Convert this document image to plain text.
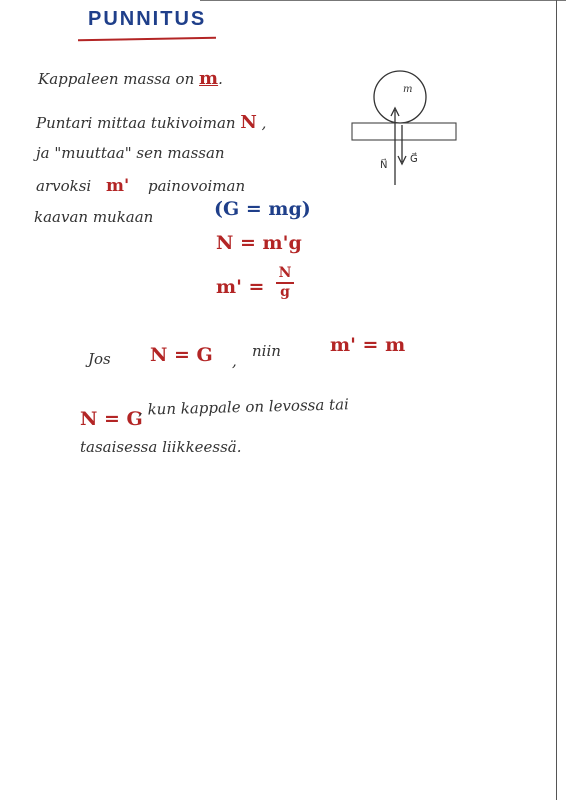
PUNNITUS
Kappaleen massa on m.
Puntari mittaa tukivoiman N ,
ja "muuttaa" sen massan
arvoksi m' painovoiman
kaavan mukaan	(G = mg)
N = m'g
m' =
N
g
Jos N = G ,
niin	m' = m
N = G
, kun kappale on levossa tai
tasaisessa liikkeessä.
m
N⃗
G⃗
